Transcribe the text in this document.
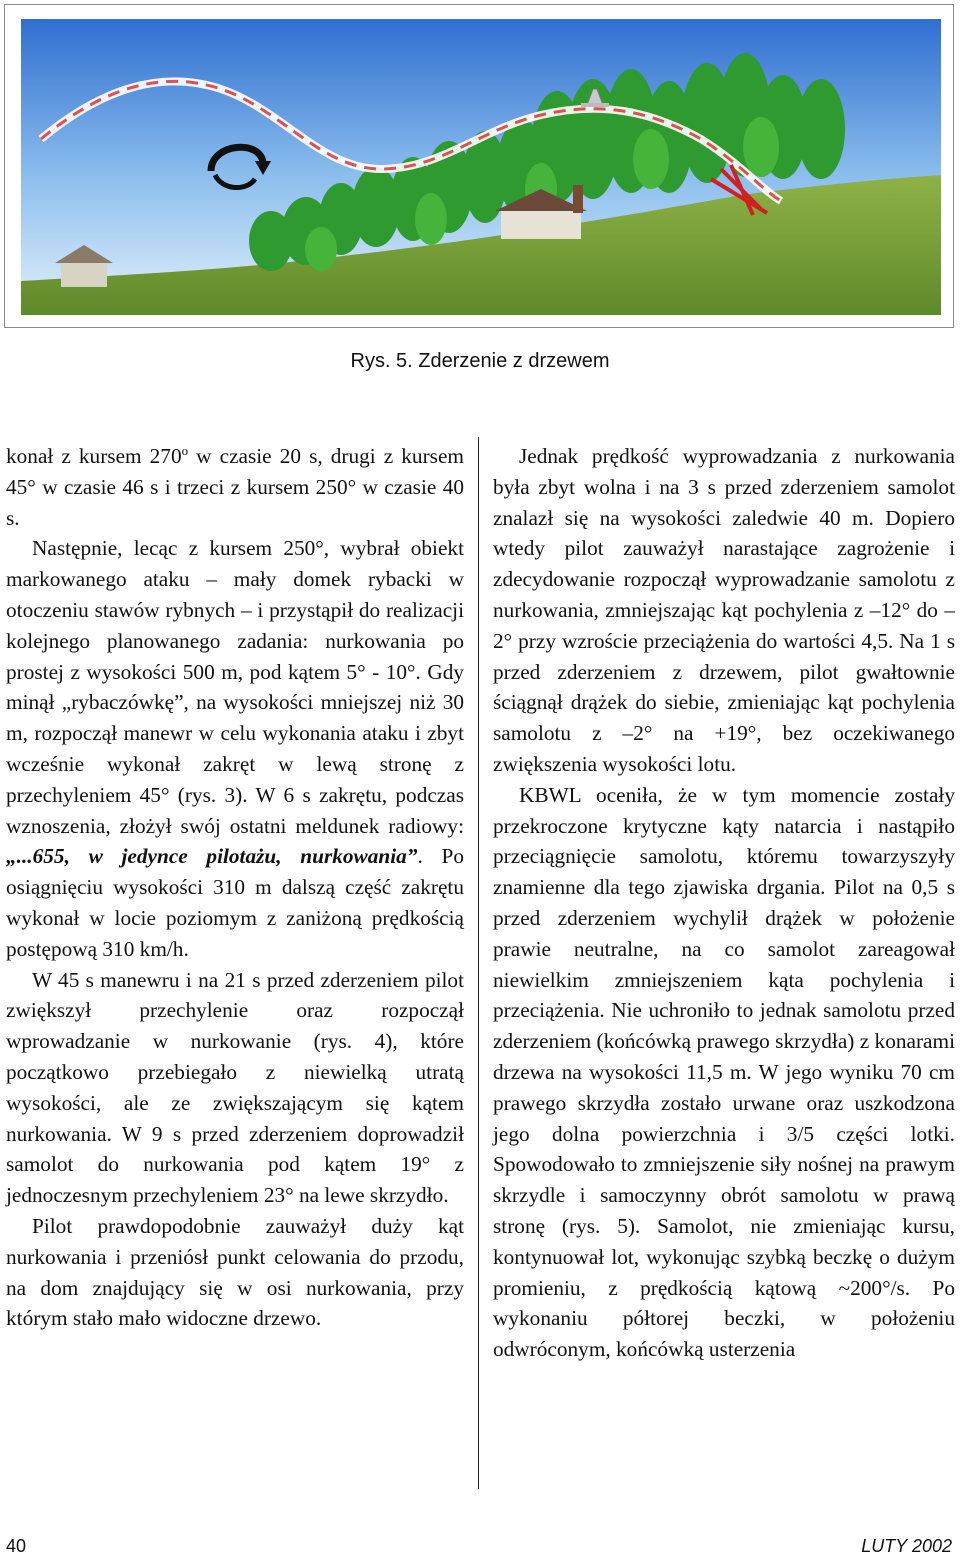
Rys. 5. Zderzenie z drzewem

konał z kursem 270$^o$ w czasie 20 s, drugi z kursem 45° w czasie 46 s i trzeci z kursem 250° w czasie 40 s.

Następnie, lecąc z kursem 250°, wybrał obiekt markowanego ataku – mały domek rybacki w otoczeniu stawów rybnych – i przystąpił do realizacji kolejnego planowanego zadania: nurkowania po prostej z wysokości 500 m, pod kątem 5° - 10°. Gdy minął „rybaczówkę”, na wysokości mniejszej niż 30 m, rozpoczął manewr w celu wykonania ataku i zbyt wcześnie wykonał zakręt w lewą stronę z przechyleniem 45° (rys. 3). W 6 s zakrętu, podczas wznoszenia, złożył swój ostatni meldunek radiowy: „...655, w jedynce pilotażu, nurkowania”. Po osiągnięciu wysokości 310 m dalszą część zakrętu wykonał w locie poziomym z zaniżoną prędkością postępową 310 km/h.

W 45 s manewru i na 21 s przed zderzeniem pilot zwiększył przechylenie oraz rozpoczął wprowadzanie w nurkowanie (rys. 4), które początkowo przebiegało z niewielką utratą wysokości, ale ze zwiększającym się kątem nurkowania. W 9 s przed zderzeniem doprowadził samolot do nurkowania pod kątem 19° z jednoczesnym przechyleniem 23° na lewe skrzydło.

Pilot prawdopodobnie zauważył duży kąt nurkowania i przeniósł punkt celowania do przodu, na dom znajdujący się w osi nurkowania, przy którym stało mało widoczne drzewo.

Jednak prędkość wyprowadzania z nurkowania była zbyt wolna i na 3 s przed zderzeniem samolot znalazł się na wysokości zaledwie 40 m. Dopiero wtedy pilot zauważył narastające zagrożenie i zdecydowanie rozpoczął wyprowadzanie samolotu z nurkowania, zmniejszając kąt pochylenia z –12° do –2° przy wzroście przeciążenia do wartości 4,5. Na 1 s przed zderzeniem z drzewem, pilot gwałtownie ściągnął drążek do siebie, zmieniając kąt pochylenia samolotu z –2° na +19°, bez oczekiwanego zwiększenia wysokości lotu.

KBWL oceniła, że w tym momencie zostały przekroczone krytyczne kąty natarcia i nastąpiło przeciągnięcie samolotu, któremu towarzyszyły znamienne dla tego zjawiska drgania. Pilot na 0,5 s przed zderzeniem wychylił drążek w położenie prawie neutralne, na co samolot zareagował niewielkim zmniejszeniem kąta pochylenia i przeciążenia. Nie uchroniło to jednak samolotu przed zderzeniem (końcówką prawego skrzydła) z konarami drzewa na wysokości 11,5 m. W jego wyniku 70 cm prawego skrzydła zostało urwane oraz uszkodzona jego dolna powierzchnia i 3/5 części lotki. Spowodowało to zmniejszenie siły nośnej na prawym skrzydle i samoczynny obrót samolotu w prawą stronę (rys. 5). Samolot, nie zmieniając kursu, kontynuował lot, wykonując szybką beczkę o dużym promieniu, z prędkością kątową ~200°/s. Po wykonaniu półtorej beczki, w położeniu odwróconym, końcówką usterzenia

40	LUTY 2002
